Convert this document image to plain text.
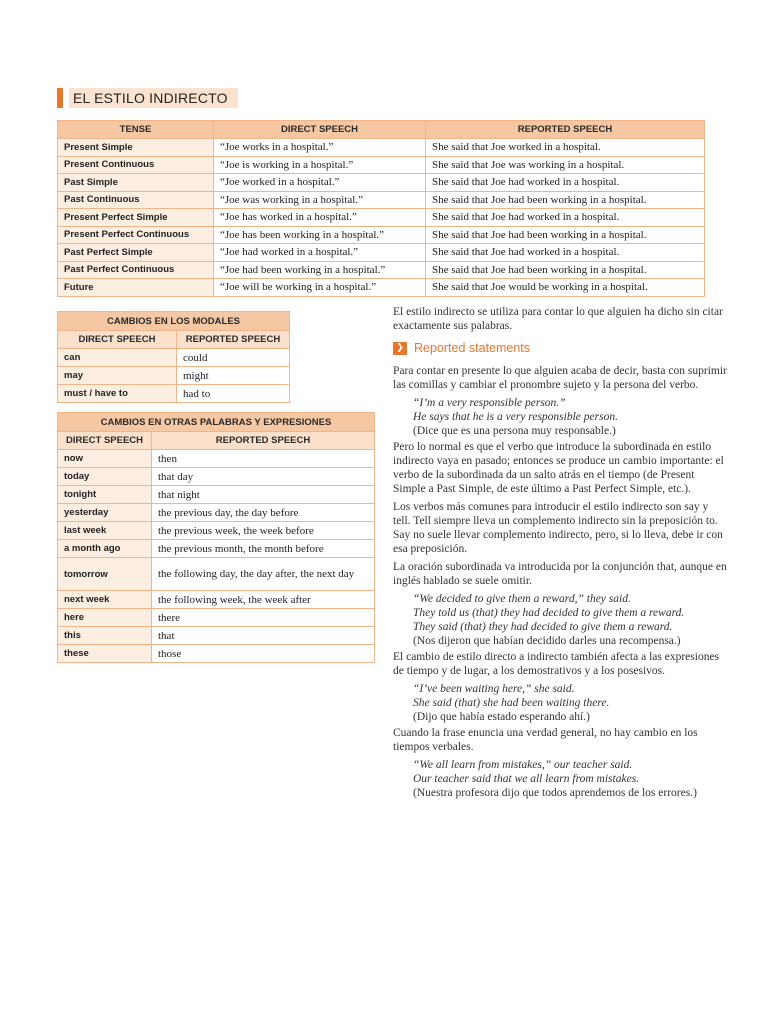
EL ESTILO INDIRECTO
TENSE	DIRECT SPEECH	REPORTED SPEECH
Present Simple	“Joe works in a hospital.”	She said that Joe worked in a hospital.
Present Continuous	“Joe is working in a hospital.”	She said that Joe was working in a hospital.
Past Simple	“Joe worked in a hospital.”	She said that Joe had worked in a hospital.
Past Continuous	“Joe was working in a hospital.”	She said that Joe had been working in a hospital.
Present Perfect Simple	“Joe has worked in a hospital.”	She said that Joe had worked in a hospital.
Present Perfect Continuous	“Joe has been working in a hospital.”	She said that Joe had been working in a hospital.
Past Perfect Simple	“Joe had worked in a hospital.”	She said that Joe had worked in a hospital.
Past Perfect Continuous	“Joe had been working in a hospital.”	She said that Joe had been working in a hospital.
Future	“Joe will be working in a hospital.”	She said that Joe would be working in a hospital.
CAMBIOS EN LOS MODALES	
DIRECT SPEECH	REPORTED SPEECH
can	could
may	might
must / have to	had to
CAMBIOS EN OTRAS PALABRAS Y EXPRESIONES	
DIRECT SPEECH	REPORTED SPEECH
now	then
today	that day
tonight	that night
yesterday	the previous day, the day before
last week	the previous week, the week before
a month ago	the previous month, the month before
tomorrow	the following day, the day after, the next day
next week	the following week, the week after
here	there
this	that
these	those

El estilo indirecto se utiliza para contar lo que alguien ha dicho sin citar exactamente sus palabras.

❯ Reported statements

Para contar en presente lo que alguien acaba de decir, basta con suprimir las comillas y cambiar el pronombre sujeto y la persona del verbo.

“I’m a very responsible person.”

He says that he is a very responsible person.

(Dice que es una persona muy responsable.)

Pero lo normal es que el verbo que introduce la subordinada en estilo indirecto vaya en pasado; entonces se produce un cambio importante: el verbo de la subordinada da un salto atrás en el tiempo (de Present Simple a Past Simple, de este último a Past Perfect Simple, etc.).

Los verbos más comunes para introducir el estilo indirecto son say y tell. Tell siempre lleva un complemento indirecto sin la preposición to. Say no suele llevar complemento indirecto, pero, si lo lleva, debe ir con esa preposición.

La oración subordinada va introducida por la conjunción that, aunque en inglés hablado se suele omitir.

“We decided to give them a reward,” they said.

They told us (that) they had decided to give them a reward.

They said (that) they had decided to give them a reward.

(Nos dijeron que habían decidido darles una recompensa.)

El cambio de estilo directo a indirecto también afecta a las expresiones de tiempo y de lugar, a los demostrativos y a los posesivos.

“I’ve been waiting here,” she said.

She said (that) she had been waiting there.

(Dijo que había estado esperando ahí.)

Cuando la frase enuncia una verdad general, no hay cambio en los tiempos verbales.

“We all learn from mistakes,” our teacher said.

Our teacher said that we all learn from mistakes.

(Nuestra profesora dijo que todos aprendemos de los errores.)
